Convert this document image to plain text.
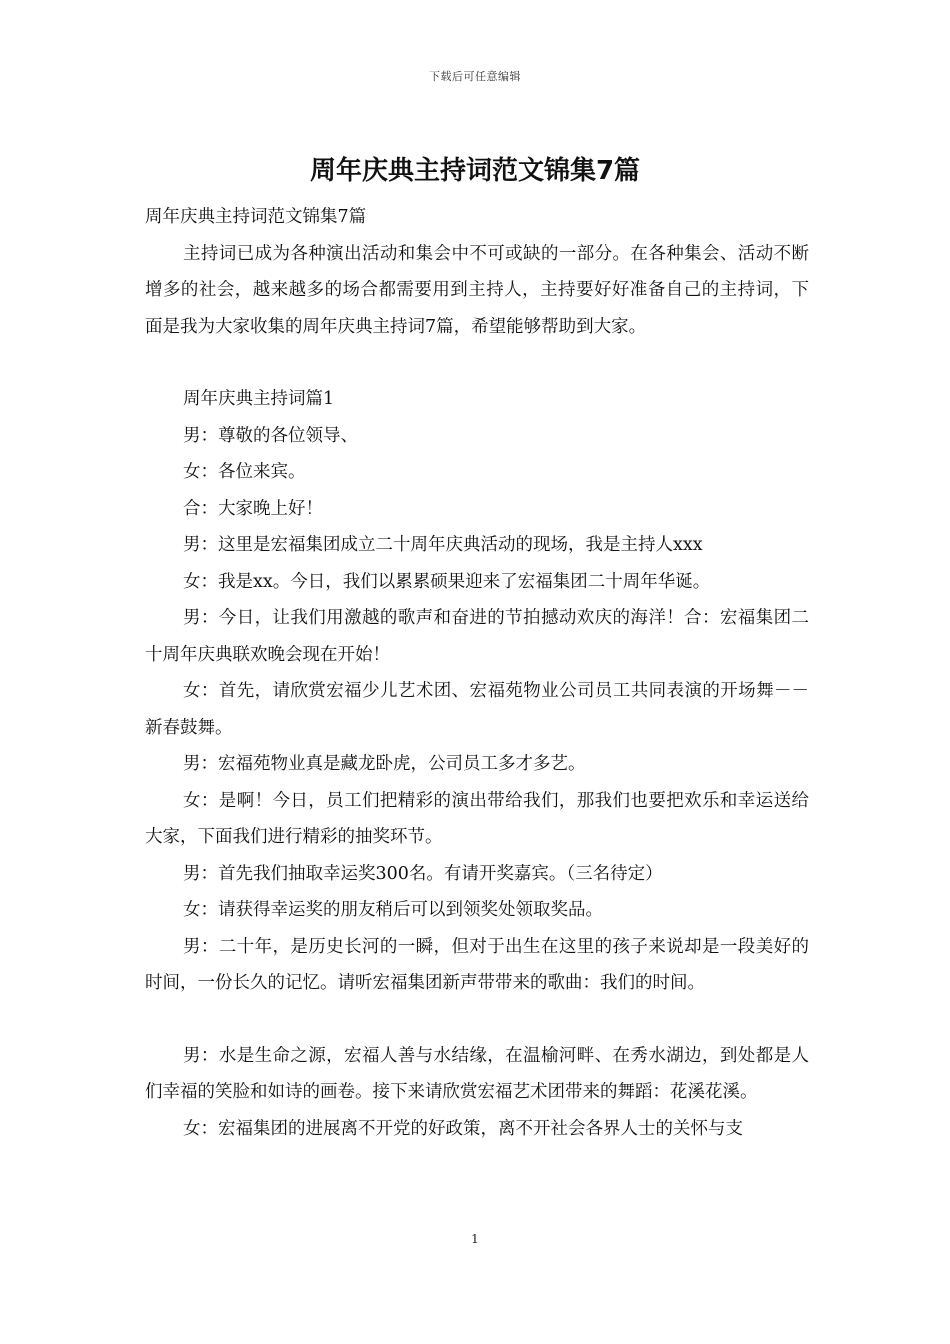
下载后可任意编辑
周年庆典主持词范文锦集7篇

周年庆典主持词范文锦集7篇

主持词已成为各种演出活动和集会中不可或缺的一部分。在各种集会、活动不断增多的社会，越来越多的场合都需要用到主持人，主持要好好准备自己的主持词，下面是我为大家收集的周年庆典主持词7篇，希望能够帮助到大家。

周年庆典主持词篇1

男：尊敬的各位领导、

女：各位来宾。

合：大家晚上好！

男：这里是宏福集团成立二十周年庆典活动的现场，我是主持人xxx

女：我是xx。今日，我们以累累硕果迎来了宏福集团二十周年华诞。

男：今日，让我们用激越的歌声和奋进的节拍撼动欢庆的海洋！合：宏福集团二十周年庆典联欢晚会现在开始！

女：首先，请欣赏宏福少儿艺术团、宏福苑物业公司员工共同表演的开场舞－－新春鼓舞。

男：宏福苑物业真是藏龙卧虎，公司员工多才多艺。

女：是啊！今日，员工们把精彩的演出带给我们，那我们也要把欢乐和幸运送给大家，下面我们进行精彩的抽奖环节。

男：首先我们抽取幸运奖300名。有请开奖嘉宾。（三名待定）

女：请获得幸运奖的朋友稍后可以到领奖处领取奖品。

男：二十年，是历史长河的一瞬，但对于出生在这里的孩子来说却是一段美好的时间，一份长久的记忆。请听宏福集团新声带带来的歌曲：我们的时间。

男：水是生命之源，宏福人善与水结缘，在温榆河畔、在秀水湖边，到处都是人们幸福的笑脸和如诗的画卷。接下来请欣赏宏福艺术团带来的舞蹈：花溪花溪。

女：宏福集团的进展离不开党的好政策，离不开社会各界人士的关怀与支

1
